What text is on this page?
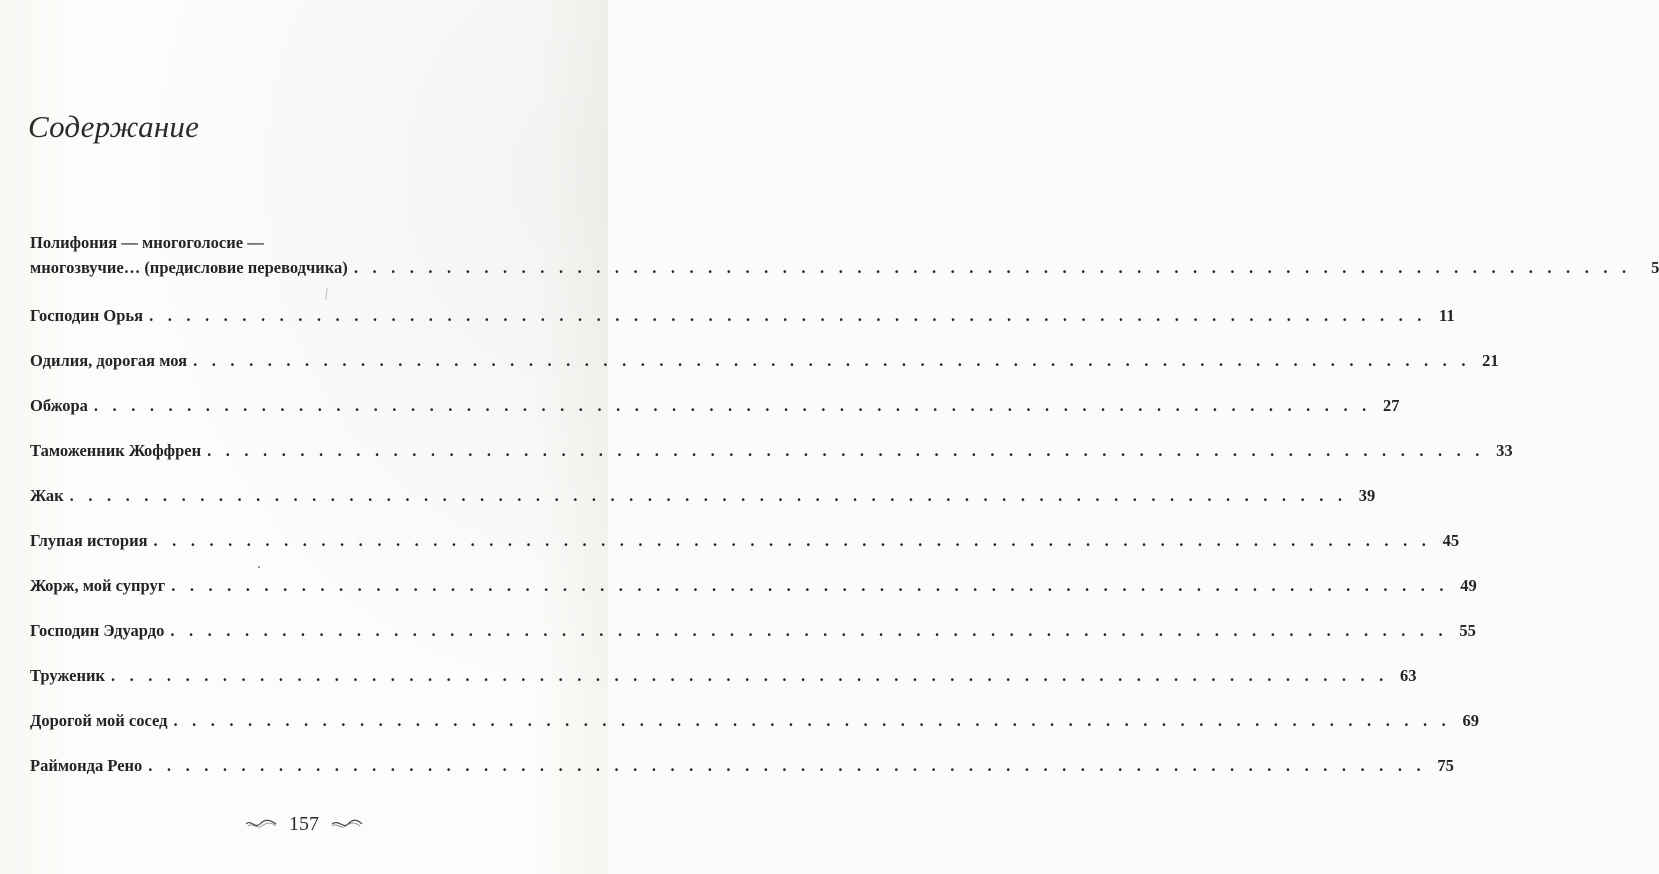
. . . . . .
. . . . .
. . . .
. . . .
. . . .
. . . . .
Содержание
Полифония — многоголосие —
многозвучие… (предисловие переводчика) . . . . . . . . . . . . . . . . . . . . . . . . . . . . . . . . . . . . . . . . . . . . . . . . . . . . . . . . . . . . . . . . . . . . .	5
Господин Орья . . . . . . . . . . . . . . . . . . . . . . . . . . . . . . . . . . . . . . . . . . . . . . . . . . . . . . . . . . . . . . . . . . . . . 11
Одилия, дорогая моя . . . . . . . . . . . . . . . . . . . . . . . . . . . . . . . . . . . . . . . . . . . . . . . . . . . . . . . . . . . . . . . . . . . . . 21
Обжора . . . . . . . . . . . . . . . . . . . . . . . . . . . . . . . . . . . . . . . . . . . . . . . . . . . . . . . . . . . . . . . . . . . . . 27
Таможенник Жоффрен . . . . . . . . . . . . . . . . . . . . . . . . . . . . . . . . . . . . . . . . . . . . . . . . . . . . . . . . . . . . . . . . . . . . . 33
Жак . . . . . . . . . . . . . . . . . . . . . . . . . . . . . . . . . . . . . . . . . . . . . . . . . . . . . . . . . . . . . . . . . . . . . 39
Глупая история . . . . . . . . . . . . . . . . . . . . . . . . . . . . . . . . . . . . . . . . . . . . . . . . . . . . . . . . . . . . . . . . . . . . . 45
Жорж, мой супруг . . . . . . . . . . . . . . . . . . . . . . . . . . . . . . . . . . . . . . . . . . . . . . . . . . . . . . . . . . . . . . . . . . . . . 49
Господин Эдуардо . . . . . . . . . . . . . . . . . . . . . . . . . . . . . . . . . . . . . . . . . . . . . . . . . . . . . . . . . . . . . . . . . . . . . 55
Труженик . . . . . . . . . . . . . . . . . . . . . . . . . . . . . . . . . . . . . . . . . . . . . . . . . . . . . . . . . . . . . . . . . . . . . 63
Дорогой мой сосед . . . . . . . . . . . . . . . . . . . . . . . . . . . . . . . . . . . . . . . . . . . . . . . . . . . . . . . . . . . . . . . . . . . . . 69
Раймонда Рено . . . . . . . . . . . . . . . . . . . . . . . . . . . . . . . . . . . . . . . . . . . . . . . . . . . . . . . . . . . . . . . . . . . . . 75
157
